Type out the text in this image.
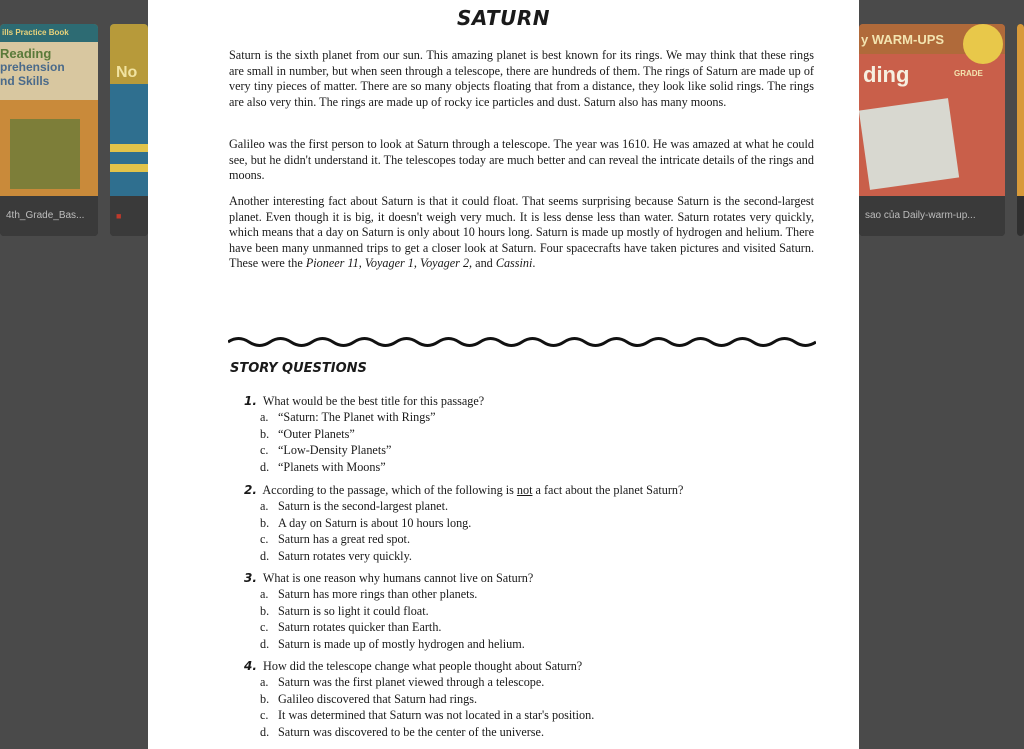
ills Practice Book
Reading
prehension
nd Skills
4th_Grade_Bas...
No
■
y WARM-UPS
ding	GRADE
sao của Daily-warm-up...
SATURN
Saturn is the sixth planet from our sun. This amazing planet is best known for its rings. We may think that these rings are small in number, but when seen through a telescope, there are hundreds of them. The rings of Saturn are made up of very tiny pieces of matter. There are so many objects floating that from a distance, they look like solid rings. The rings are also very thin. The rings are made up of rocky ice particles and dust. Saturn also has many moons.
Galileo was the first person to look at Saturn through a telescope. The year was 1610. He was amazed at what he could see, but he didn't understand it. The telescopes today are much better and can reveal the intricate details of the rings and moons.
Another interesting fact about Saturn is that it could float. That seems surprising because Saturn is the second-largest planet. Even though it is big, it doesn't weigh very much. It is less dense less than water. Saturn rotates very quickly, which means that a day on Saturn is only about 10 hours long. Saturn is made up mostly of hydrogen and helium. There have been many unmanned trips to get a closer look at Saturn. Four spacecrafts have taken pictures and visited Saturn. These were the Pioneer 11, Voyager 1, Voyager 2, and Cassini.
STORY QUESTIONS
1. What would be the best title for this passage?
a. “Saturn: The Planet with Rings”
b. “Outer Planets”
c. “Low-Density Planets”
d. “Planets with Moons”
2. According to the passage, which of the following is not a fact about the planet Saturn?
a. Saturn is the second-largest planet.
b. A day on Saturn is about 10 hours long.
c. Saturn has a great red spot.
d. Saturn rotates very quickly.
3. What is one reason why humans cannot live on Saturn?
a. Saturn has more rings than other planets.
b. Saturn is so light it could float.
c. Saturn rotates quicker than Earth.
d. Saturn is made up of mostly hydrogen and helium.
4. How did the telescope change what people thought about Saturn?
a. Saturn was the first planet viewed through a telescope.
b. Galileo discovered that Saturn had rings.
c. It was determined that Saturn was not located in a star's position.
d. Saturn was discovered to be the center of the universe.
